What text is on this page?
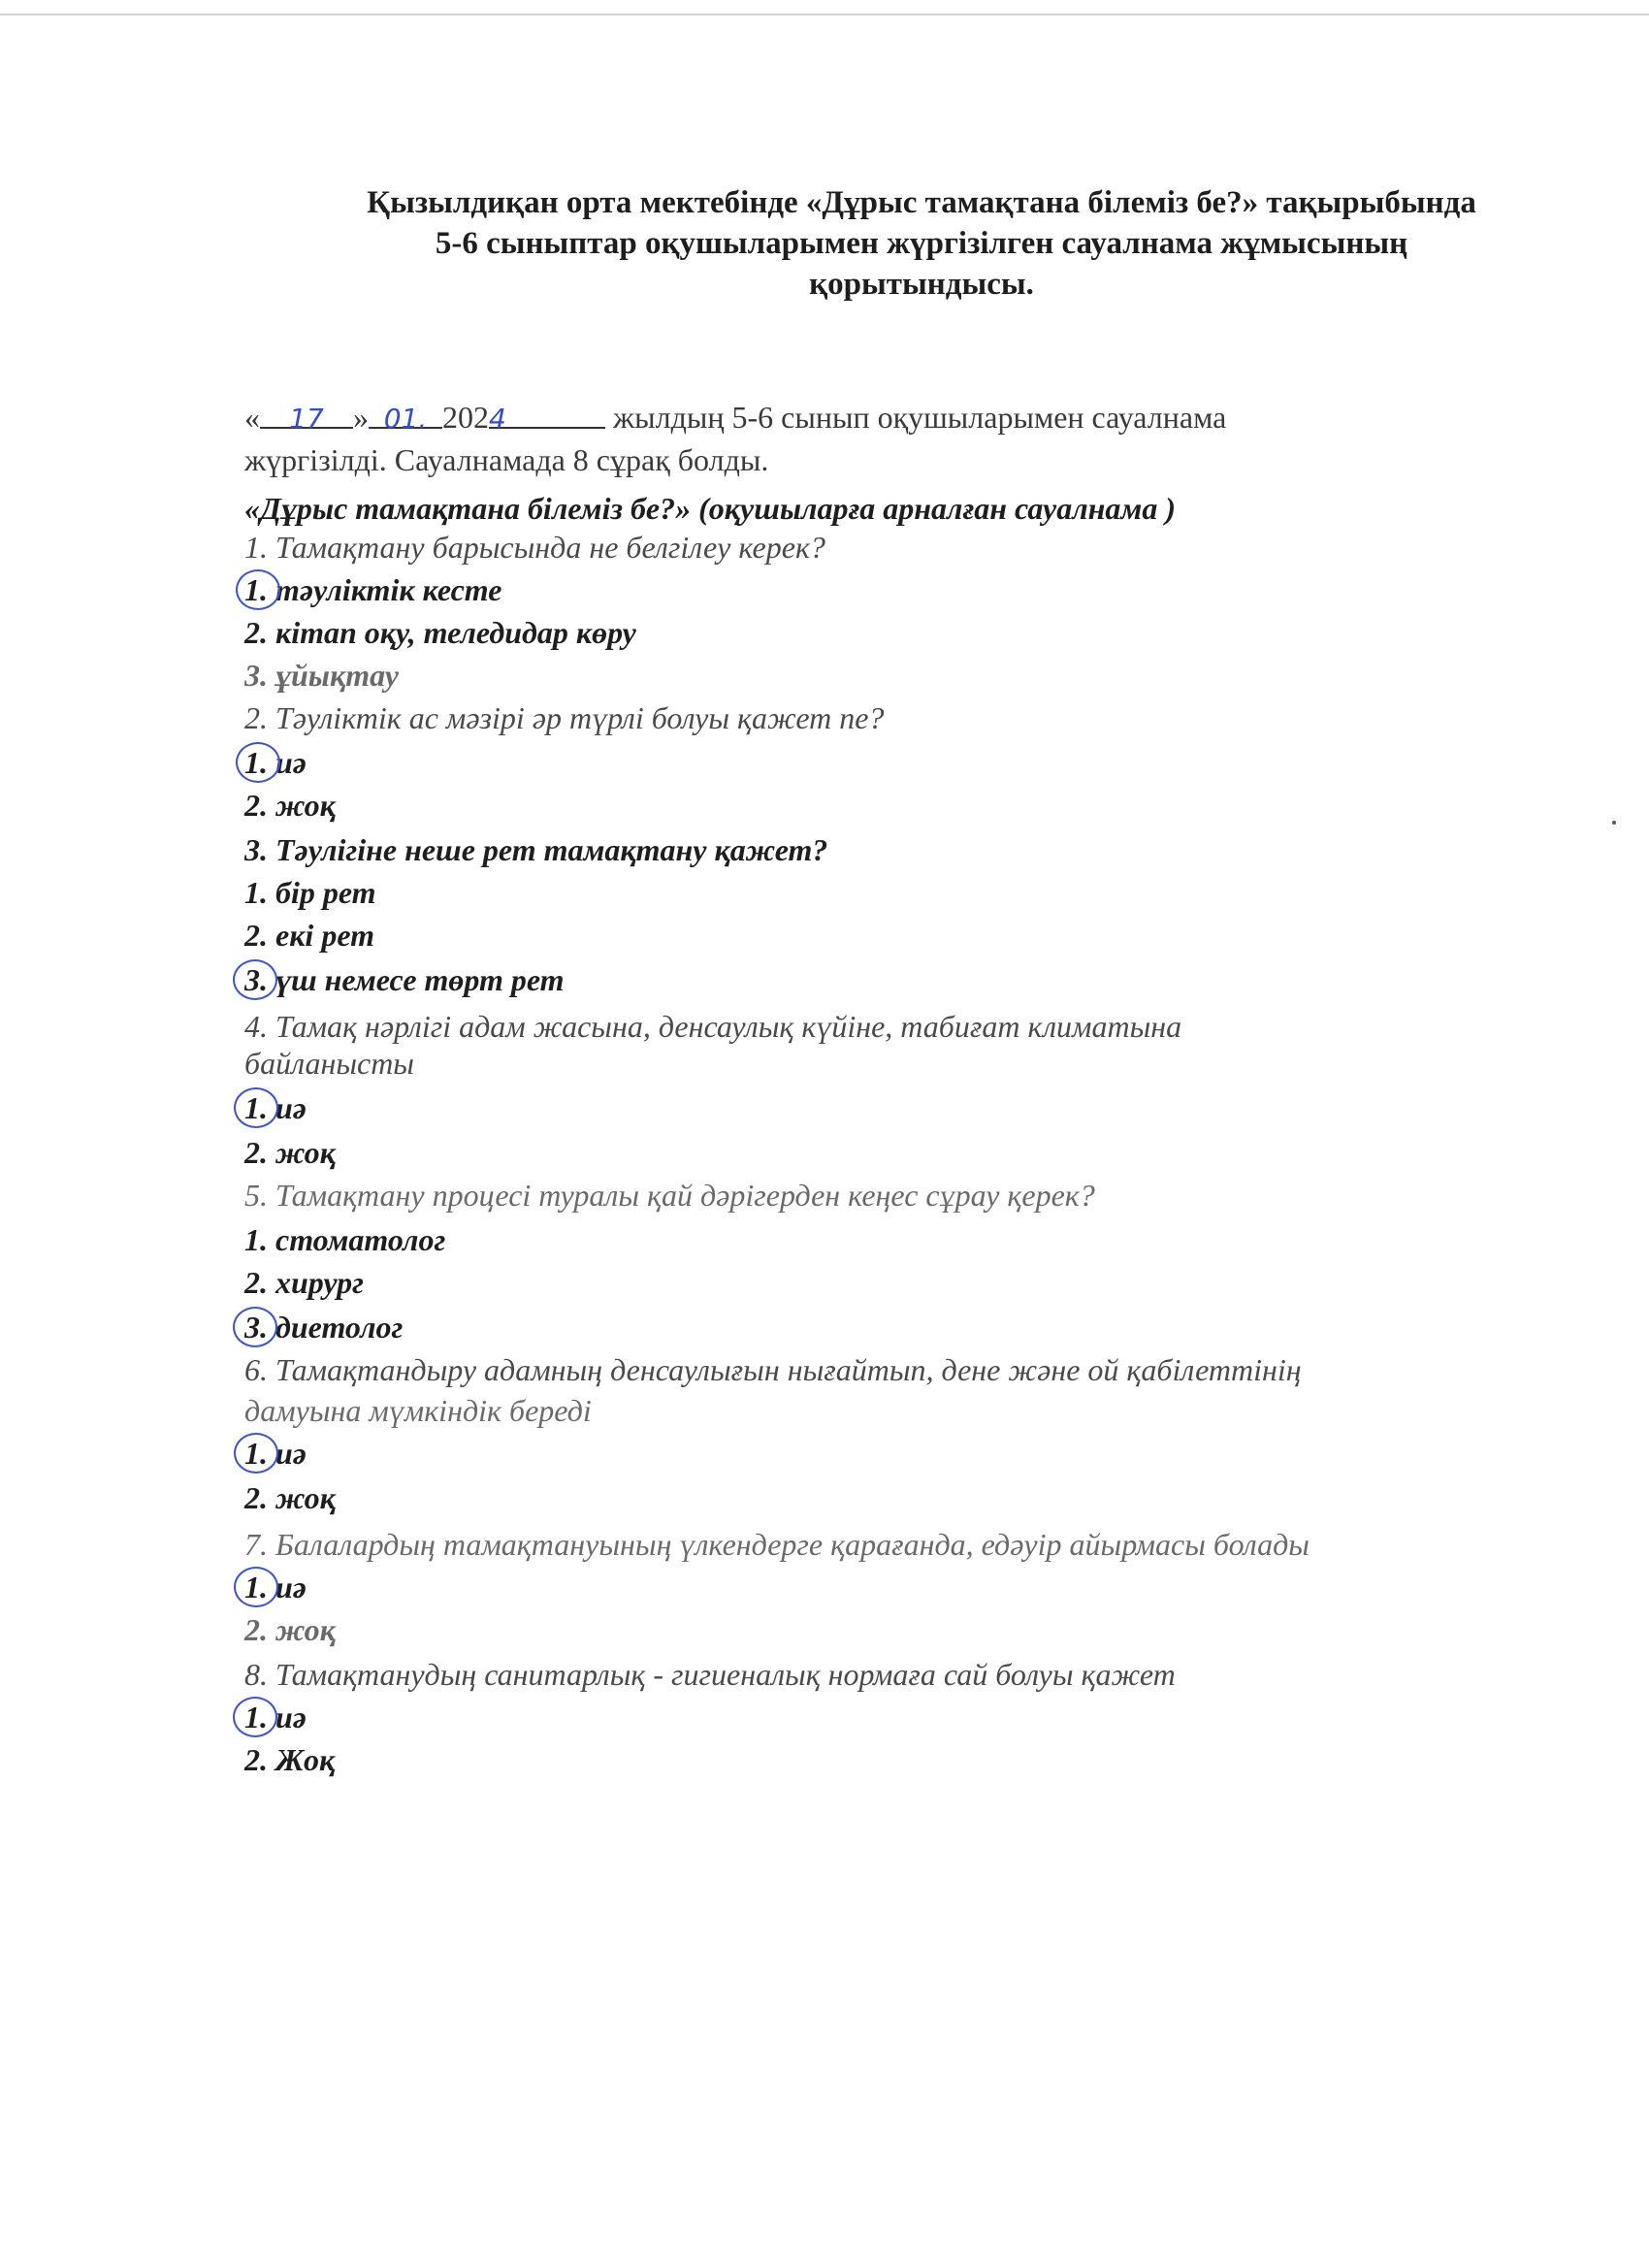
Қызылдиқан орта мектебінде «Дұрыс тамақтана білеміз бе?» тақырыбында
5-6 сыныптар оқушыларымен жүргізілген сауалнама жұмысының
қорытындысы.
« 17 » 01. 2024	жылдың 5-6 сынып оқушыларымен сауалнама
жүргізілді. Сауалнамада 8 сұрақ болды.
«Дұрыс тамақтана білеміз бе?» (оқушыларға арналған сауалнама )
1. Тамақтану барысында не белгілеу керек?
1. тәуліктік кесте
2. кітап оқу, теледидар көру
3. ұйықтау
2. Тәуліктік ас мәзірі әр түрлі болуы қажет пе?
1. иә
2. жоқ
3. Тәулігіне неше рет тамақтану қажет?
1. бір рет
2. екі рет
3. үш немесе төрт рет
4. Тамақ нәрлігі адам жасына, денсаулық күйіне, табиғат климатына
байланысты
1. иә
2. жоқ
5. Тамақтану процесі туралы қай дәрігерден кеңес сұрау қерек?
1. стоматолог
2. хирург
3. диетолог
6. Тамақтандыру адамның денсаулығын нығайтып, дене және ой қабілеттінің
дамуына мүмкіндік береді
1. иә
2. жоқ
7. Балалардың тамақтануының үлкендерге қарағанда, едәуір айырмасы болады
1. иә
2. жоқ
8. Тамақтанудың санитарлық - гигиеналық нормаға сай болуы қажет
1. иә
2. Жоқ
